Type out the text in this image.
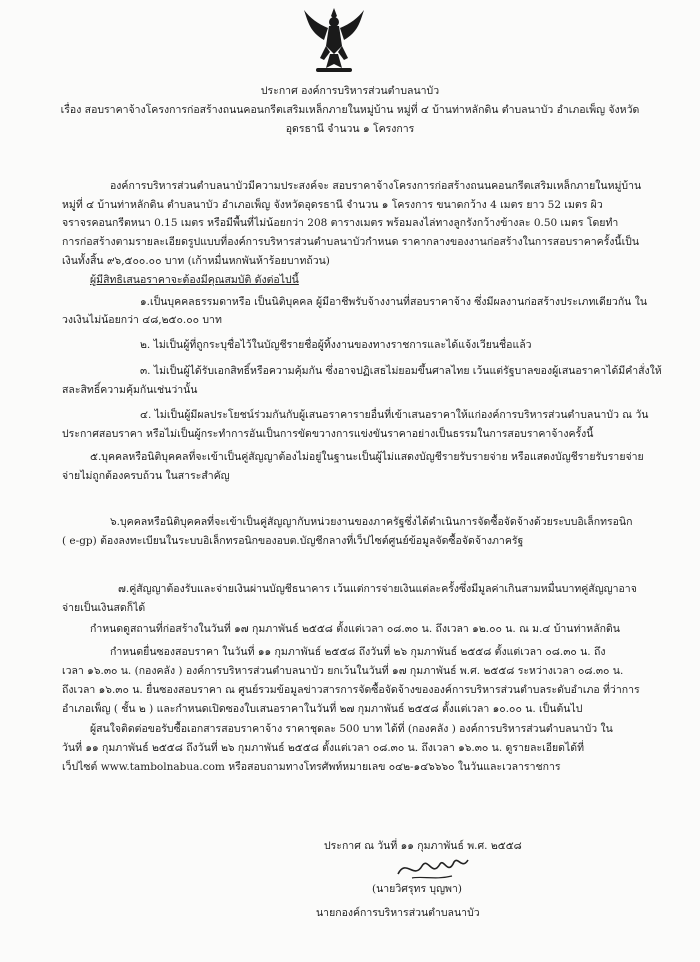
ประกาศ องค์การบริหารส่วนตำบลนาบัว
เรื่อง สอบราคาจ้างโครงการก่อสร้างถนนคอนกรีตเสริมเหล็กภายในหมู่บ้าน หมู่ที่ ๔ บ้านท่าหลักดิน ตำบลนาบัว อำเภอเพ็ญ จังหวัด
อุดรธานี จำนวน ๑ โครงการ
องค์การบริหารส่วนตำบลนาบัวมีความประสงค์จะ สอบราคาจ้างโครงการก่อสร้างถนนคอนกรีตเสริมเหล็กภายในหมู่บ้าน
หมู่ที่ ๔ บ้านท่าหลักดิน ตำบลนาบัว อำเภอเพ็ญ จังหวัดอุดรธานี จำนวน ๑ โครงการ ขนาดกว้าง 4 เมตร ยาว 52 เมตร ผิว
จราจรคอนกรีตหนา 0.15 เมตร หรือมีพื้นที่ไม่น้อยกว่า 208 ตารางเมตร พร้อมลงไล่ทางลูกรังกว้างข้างละ 0.50 เมตร โดยทำ
การก่อสร้างตามรายละเอียดรูปแบบที่องค์การบริหารส่วนตำบลนาบัวกำหนด ราคากลางของงานก่อสร้างในการสอบราคาครั้งนี้เป็น
เงินทั้งสิ้น ๙๖,๕๐๐.๐๐ บาท (เก้าหมื่นหกพันห้าร้อยบาทถ้วน)
ผู้มีสิทธิเสนอราคาจะต้องมีคุณสมบัติ ดังต่อไปนี้
๑.เป็นบุคคลธรรมดาหรือ เป็นนิติบุคคล ผู้มีอาชีพรับจ้างงานที่สอบราคาจ้าง ซึ่งมีผลงานก่อสร้างประเภทเดียวกัน ใน
วงเงินไม่น้อยกว่า ๔๘,๒๕๐.๐๐ บาท
๒. ไม่เป็นผู้ที่ถูกระบุชื่อไว้ในบัญชีรายชื่อผู้ทิ้งงานของทางราชการและได้แจ้งเวียนชื่อแล้ว
๓. ไม่เป็นผู้ได้รับเอกสิทธิ์หรือความคุ้มกัน ซึ่งอาจปฏิเสธไม่ยอมขึ้นศาลไทย เว้นแต่รัฐบาลของผู้เสนอราคาได้มีคำสั่งให้
สละสิทธิ์ความคุ้มกันเช่นว่านั้น
๔. ไม่เป็นผู้มีผลประโยชน์ร่วมกันกับผู้เสนอราคารายอื่นที่เข้าเสนอราคาให้แก่องค์การบริหารส่วนตำบลนาบัว ณ วัน
ประกาศสอบราคา หรือไม่เป็นผู้กระทำการอันเป็นการขัดขวางการแข่งขันราคาอย่างเป็นธรรมในการสอบราคาจ้างครั้งนี้
๕.บุคคลหรือนิติบุคคลที่จะเข้าเป็นคู่สัญญาต้องไม่อยู่ในฐานะเป็นผู้ไม่แสดงบัญชีรายรับรายจ่าย หรือแสดงบัญชีรายรับรายจ่าย
จ่ายไม่ถูกต้องครบถ้วน ในสาระสำคัญ
๖.บุคคลหรือนิติบุคคลที่จะเข้าเป็นคู่สัญญากับหน่วยงานของภาครัฐซึ่งได้ดำเนินการจัดซื้อจัดจ้างด้วยระบบอิเล็กทรอนิก
( e-gp) ต้องลงทะเบียนในระบบอิเล็กทรอนิกของอบต.บัญชีกลางที่เว็ปไซต์ศูนย์ข้อมูลจัดซื้อจัดจ้างภาครัฐ
๗.คู่สัญญาต้องรับและจ่ายเงินผ่านบัญชีธนาคาร เว้นแต่การจ่ายเงินแต่ละครั้งซึ่งมีมูลค่าเกินสามหมื่นบาทคู่สัญญาอาจ
จ่ายเป็นเงินสดก็ได้
กำหนดดูสถานที่ก่อสร้างในวันที่ ๑๗ กุมภาพันธ์ ๒๕๕๘ ตั้งแต่เวลา ๐๘.๓๐ น. ถึงเวลา ๑๒.๐๐ น. ณ ม.๔ บ้านท่าหลักดิน
กำหนดยื่นซองสอบราคา ในวันที่ ๑๑ กุมภาพันธ์ ๒๕๕๘ ถึงวันที่ ๒๖ กุมภาพันธ์ ๒๕๕๘ ตั้งแต่เวลา ๐๘.๓๐ น. ถึง
เวลา ๑๖.๓๐ น. (กองคลัง ) องค์การบริหารส่วนตำบลนาบัว ยกเว้นในวันที่ ๑๗ กุมภาพันธ์ พ.ศ. ๒๕๕๘ ระหว่างเวลา ๐๘.๓๐ น.
ถึงเวลา ๑๖.๓๐ น. ยื่นซองสอบราคา ณ ศูนย์รวมข้อมูลข่าวสารการจัดซื้อจัดจ้างขององค์การบริหารส่วนตำบลระดับอำเภอ ที่ว่าการ
อำเภอเพ็ญ ( ชั้น ๒ ) และกำหนดเปิดซองใบเสนอราคาในวันที่ ๒๗ กุมภาพันธ์ ๒๕๕๘ ตั้งแต่เวลา ๑๐.๐๐ น. เป็นต้นไป
ผู้สนใจติดต่อขอรับซื้อเอกสารสอบราคาจ้าง ราคาชุดละ 500 บาท ได้ที่ (กองคลัง ) องค์การบริหารส่วนตำบลนาบัว ใน
วันที่ ๑๑ กุมภาพันธ์ ๒๕๕๘ ถึงวันที่ ๒๖ กุมภาพันธ์ ๒๕๕๘ ตั้งแต่เวลา ๐๘.๓๐ น. ถึงเวลา ๑๖.๓๐ น. ดูรายละเอียดได้ที่
เว็ปไซต์ www.tambolnabua.com หรือสอบถามทางโทรศัพท์หมายเลข ๐๔๒-๑๔๖๖๖๐ ในวันและเวลาราชการ
ประกาศ ณ วันที่ ๑๑ กุมภาพันธ์ พ.ศ. ๒๕๕๘
(นายวิศรุทร บุญพา)
นายกองค์การบริหารส่วนตำบลนาบัว
